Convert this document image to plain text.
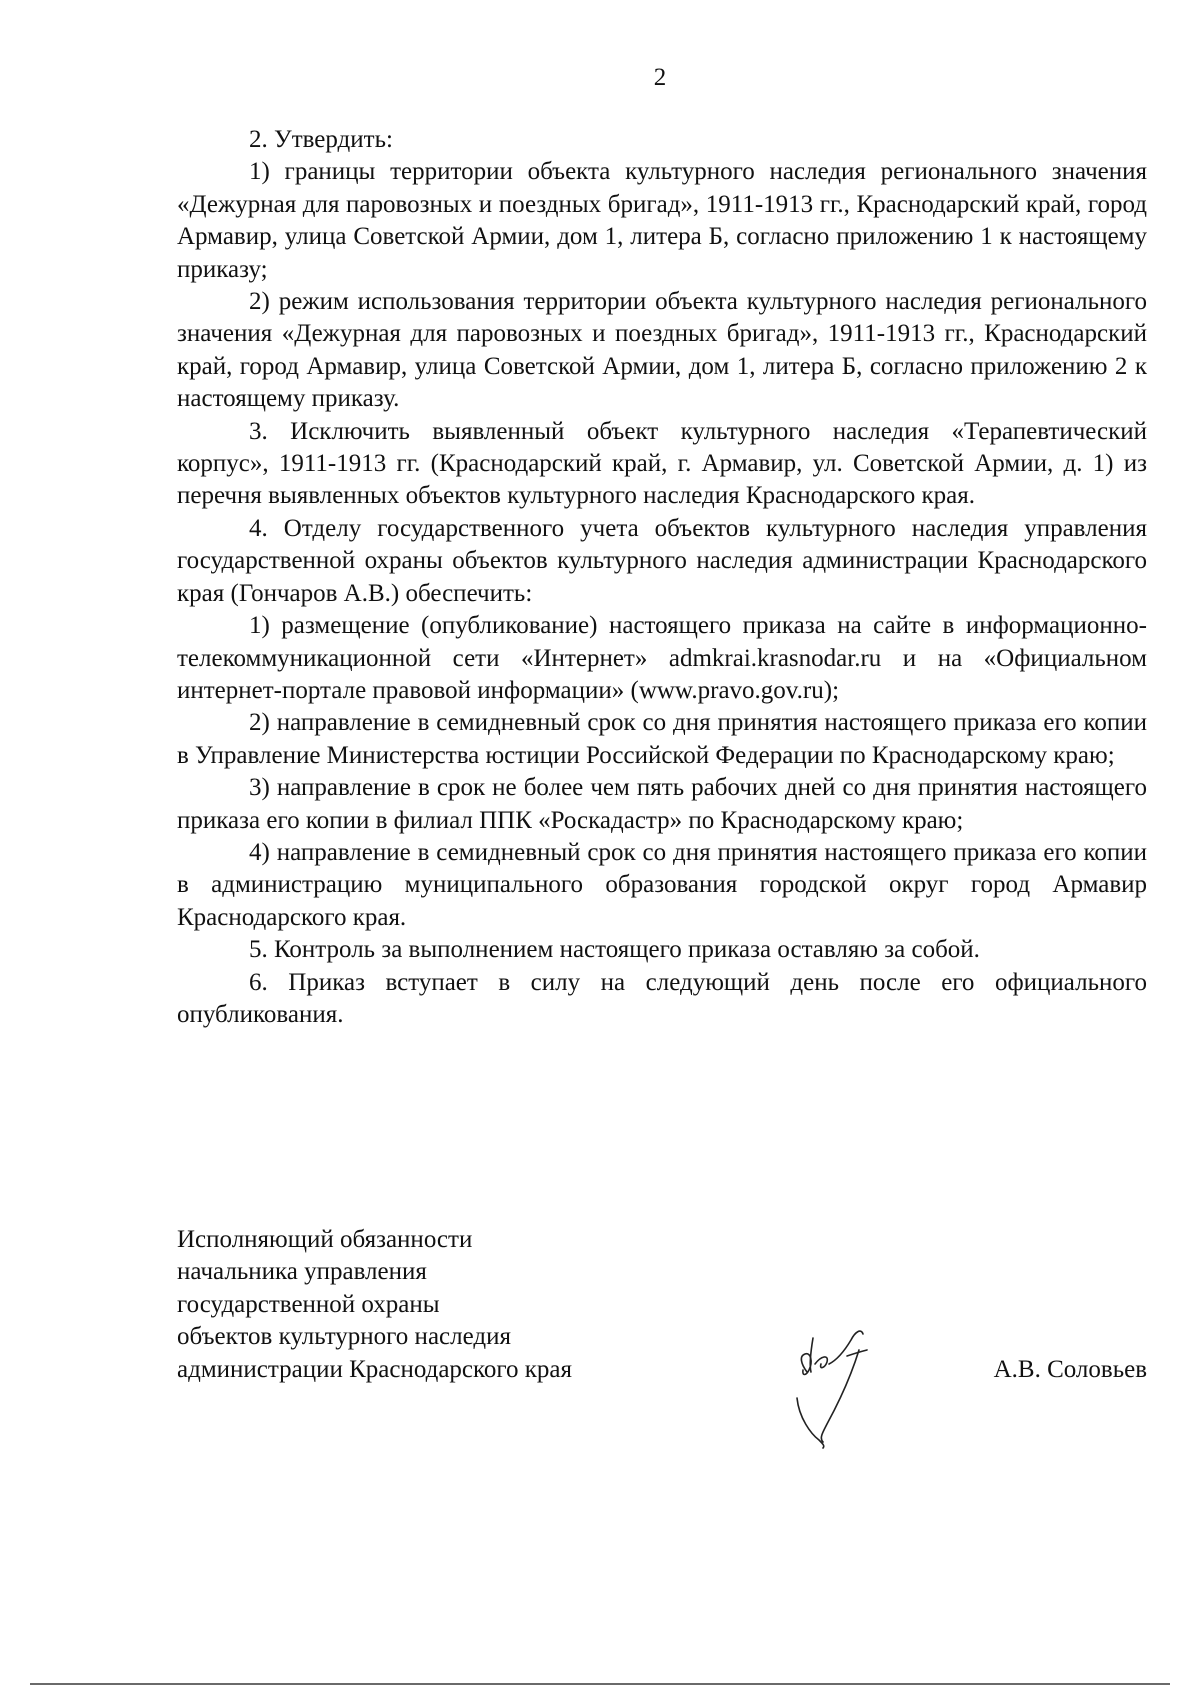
2

2. Утвердить:

1) границы территории объекта культурного наследия регионального значения «Дежурная для паровозных и поездных бригад», 1911-1913 гг., Краснодарский край, город Армавир, улица Советской Армии, дом 1, литера Б, согласно приложению 1 к настоящему приказу;

2) режим использования территории объекта культурного наследия регионального значения «Дежурная для паровозных и поездных бригад», 1911-1913 гг., Краснодарский край, город Армавир, улица Советской Армии, дом 1, литера Б, согласно приложению 2 к настоящему приказу.

3. Исключить выявленный объект культурного наследия «Терапевтический корпус», 1911-1913 гг. (Краснодарский край, г. Армавир, ул. Советской Армии, д. 1) из перечня выявленных объектов культурного наследия Краснодарского края.

4. Отделу государственного учета объектов культурного наследия управления государственной охраны объектов культурного наследия администрации Краснодарского края (Гончаров А.В.) обеспечить:

1) размещение (опубликование) настоящего приказа на сайте в информационно-телекоммуникационной сети «Интернет» admkrai.krasnodar.ru и на «Официальном интернет-портале правовой информации» (www.pravo.gov.ru);

2) направление в семидневный срок со дня принятия настоящего приказа его копии в Управление Министерства юстиции Российской Федерации по Краснодарскому краю;

3) направление в срок не более чем пять рабочих дней со дня принятия настоящего приказа его копии в филиал ППК «Роскадастр» по Краснодарскому краю;

4) направление в семидневный срок со дня принятия настоящего приказа его копии в администрацию муниципального образования городской округ город Армавир Краснодарского края.

5. Контроль за выполнением настоящего приказа оставляю за собой.

6. Приказ вступает в силу на следующий день после его официального опубликования.

Исполняющий обязанности
начальника управления
государственной охраны
объектов культурного наследия
администрации Краснодарского края	А.В. Соловьев
